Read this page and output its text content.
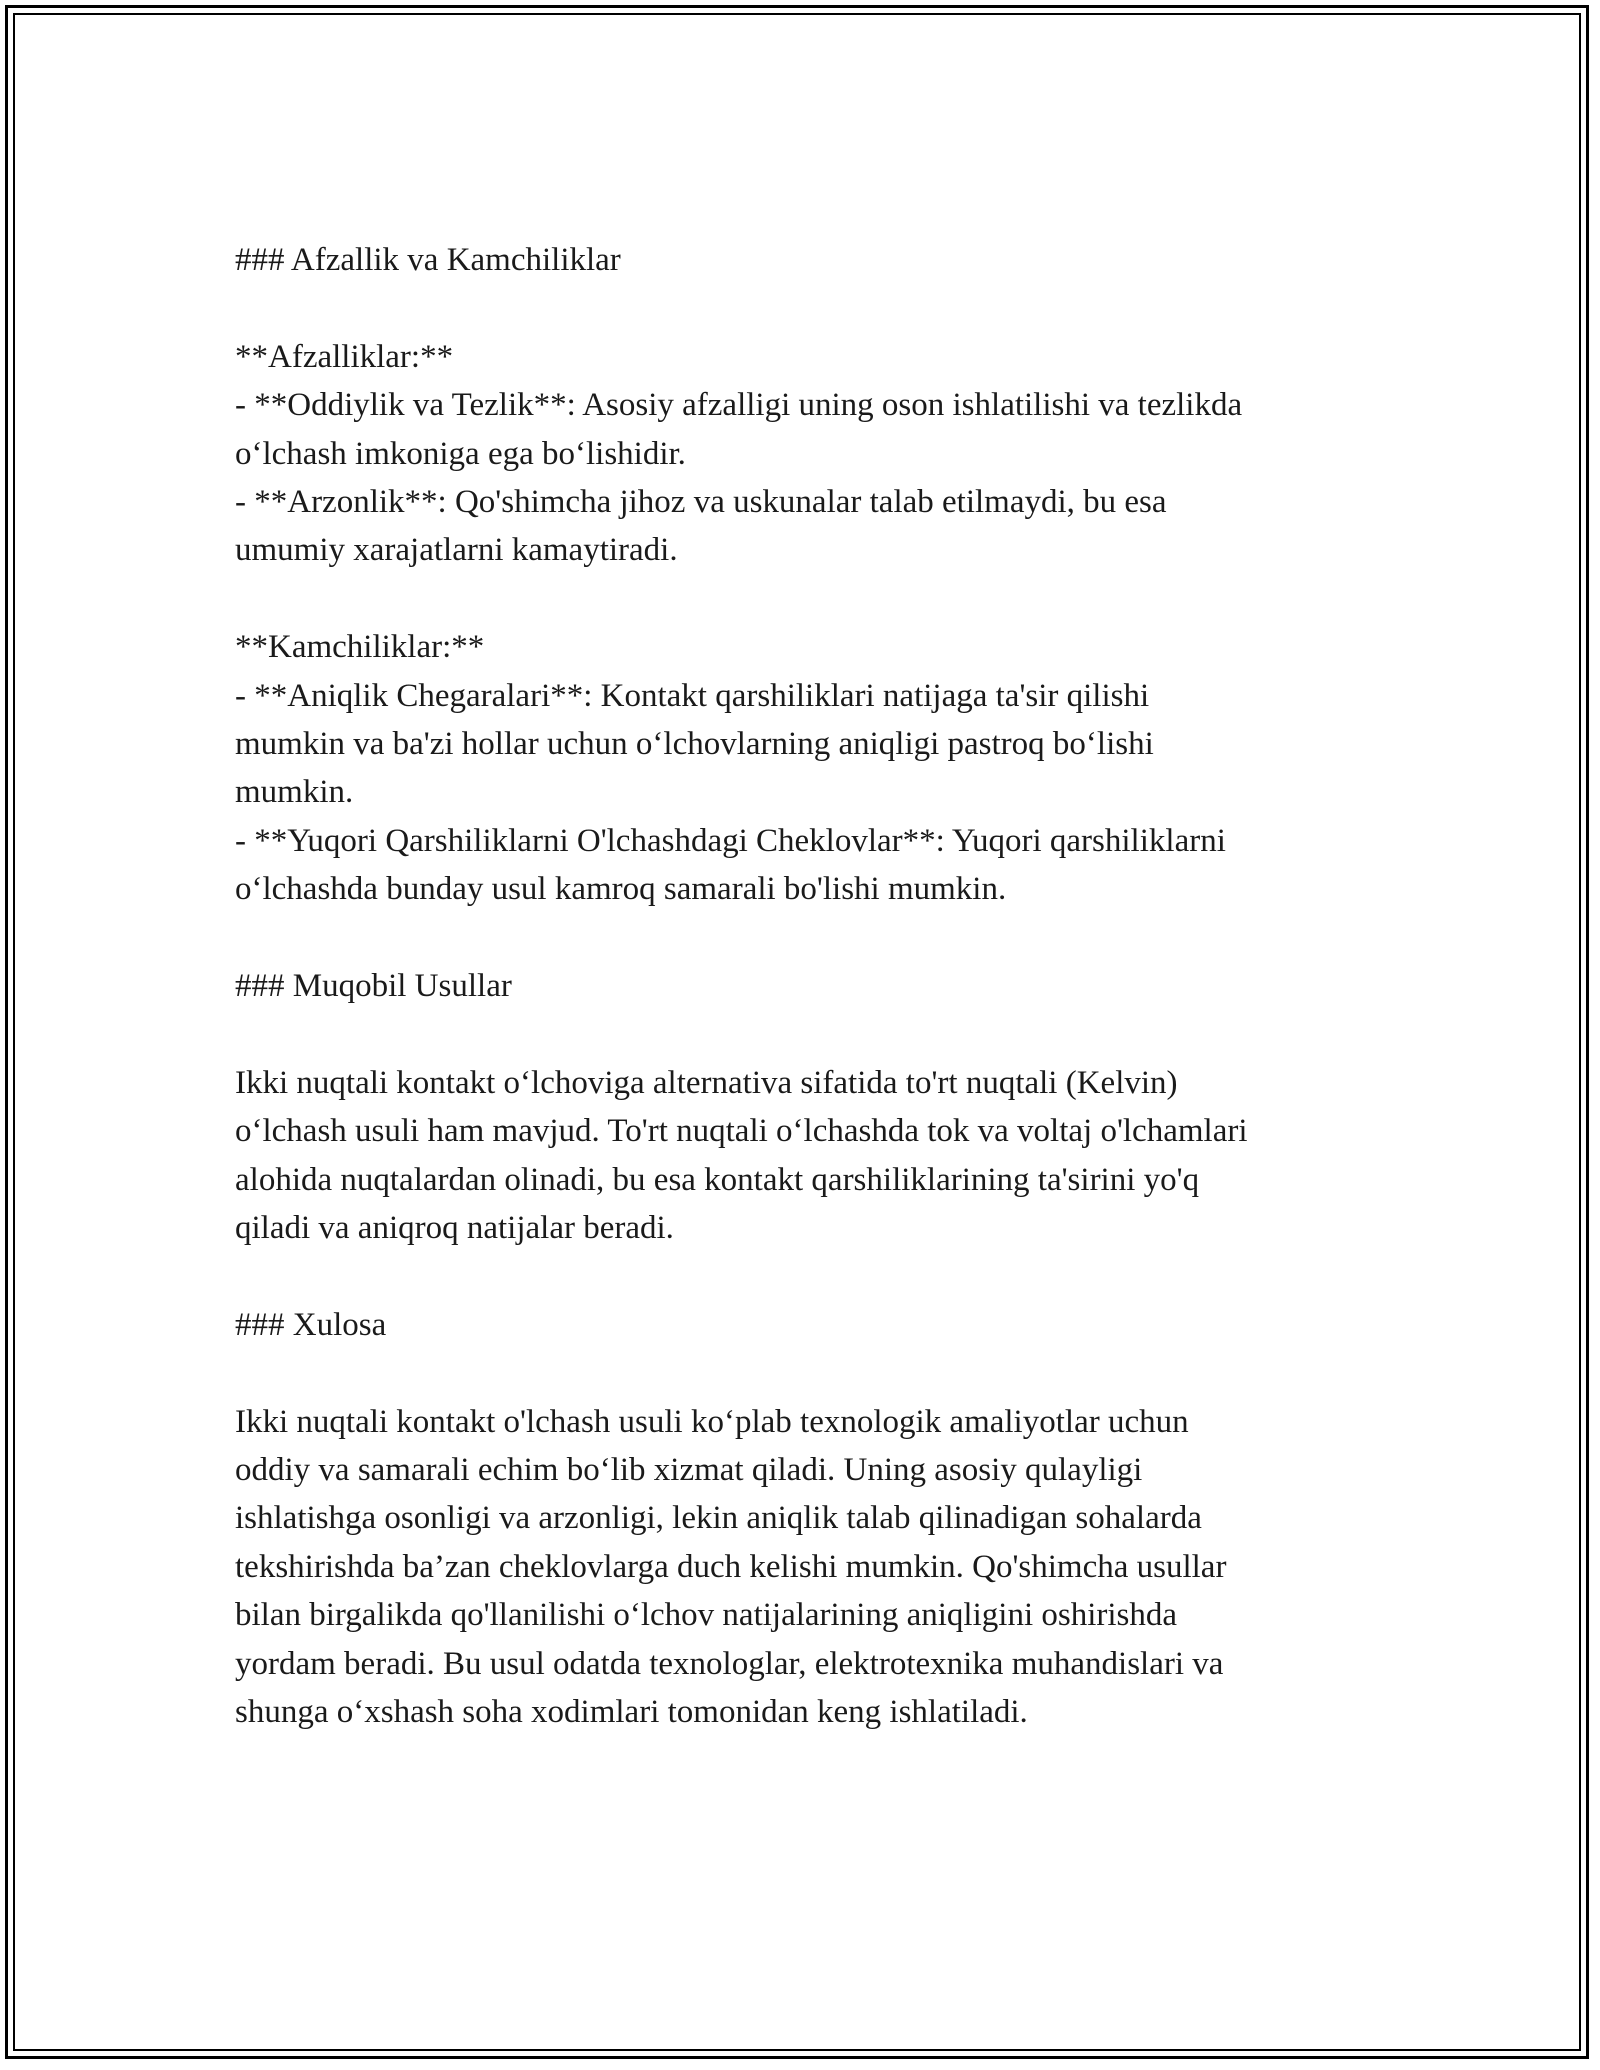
### Afzallik va Kamchiliklar

**Afzalliklar:**

- **Oddiylik va Tezlik**: Asosiy afzalligi uning oson ishlatilishi va tezlikda

o‘lchash imkoniga ega bo‘lishidir.

- **Arzonlik**: Qo'shimcha jihoz va uskunalar talab etilmaydi, bu esa

umumiy xarajatlarni kamaytiradi.

**Kamchiliklar:**

- **Aniqlik Chegaralari**: Kontakt qarshiliklari natijaga ta'sir qilishi

mumkin va ba'zi hollar uchun o‘lchovlarning aniqligi pastroq bo‘lishi

mumkin.

- **Yuqori Qarshiliklarni O'lchashdagi Cheklovlar**: Yuqori qarshiliklarni

o‘lchashda bunday usul kamroq samarali bo'lishi mumkin.

### Muqobil Usullar

Ikki nuqtali kontakt o‘lchoviga alternativa sifatida to'rt nuqtali (Kelvin)

o‘lchash usuli ham mavjud. To'rt nuqtali o‘lchashda tok va voltaj o'lchamlari

alohida nuqtalardan olinadi, bu esa kontakt qarshiliklarining ta'sirini yo'q

qiladi va aniqroq natijalar beradi.

### Xulosa

Ikki nuqtali kontakt o'lchash usuli ko‘plab texnologik amaliyotlar uchun

oddiy va samarali echim bo‘lib xizmat qiladi. Uning asosiy qulayligi

ishlatishga osonligi va arzonligi, lekin aniqlik talab qilinadigan sohalarda

tekshirishda ba’zan cheklovlarga duch kelishi mumkin. Qo'shimcha usullar

bilan birgalikda qo'llanilishi o‘lchov natijalarining aniqligini oshirishda

yordam beradi. Bu usul odatda texnologlar, elektrotexnika muhandislari va

shunga o‘xshash soha xodimlari tomonidan keng ishlatiladi.
